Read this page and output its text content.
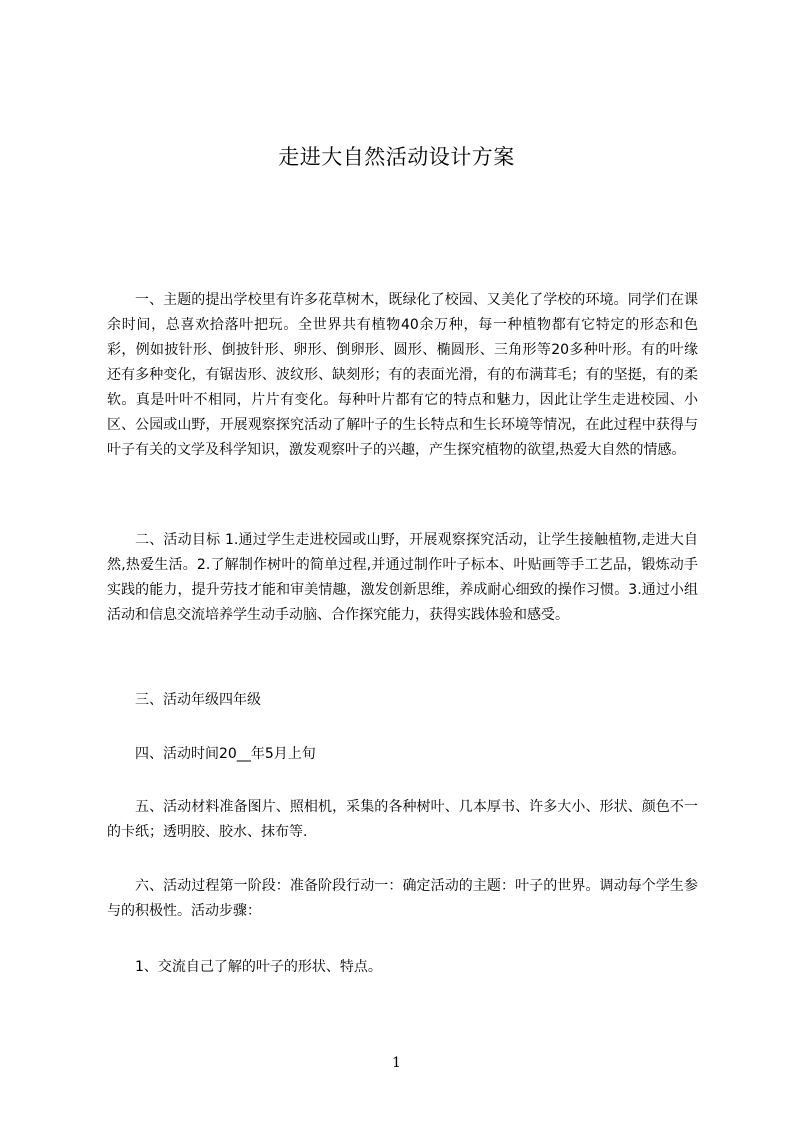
走进大自然活动设计方案

一、主题的提出学校里有许多花草树木，既绿化了校园、又美化了学校的环境。同学们在课余时间，总喜欢拾落叶把玩。全世界共有植物40余万种，每一种植物都有它特定的形态和色彩，例如披针形、倒披针形、卵形、倒卵形、圆形、椭圆形、三角形等20多种叶形。有的叶缘还有多种变化，有锯齿形、波纹形、缺刻形；有的表面光滑，有的布满茸毛；有的坚挺，有的柔软。真是叶叶不相同，片片有变化。每种叶片都有它的特点和魅力，因此让学生走进校园、小区、公园或山野，开展观察探究活动了解叶子的生长特点和生长环境等情况，在此过程中获得与叶子有关的文学及科学知识，激发观察叶子的兴趣，产生探究植物的欲望,热爱大自然的情感。

二、活动目标 1.通过学生走进校园或山野，开展观察探究活动，让学生接触植物,走进大自然,热爱生活。2.了解制作树叶的简单过程,并通过制作叶子标本、叶贴画等手工艺品，锻炼动手实践的能力，提升劳技才能和审美情趣，激发创新思维，养成耐心细致的操作习惯。3.通过小组活动和信息交流培养学生动手动脑、合作探究能力，获得实践体验和感受。

三、活动年级四年级

四、活动时间20__年5月上旬

五、活动材料准备图片、照相机，采集的各种树叶、几本厚书、许多大小、形状、颜色不一的卡纸；透明胶、胶水、抹布等.

六、活动过程第一阶段：准备阶段行动一：确定活动的主题：叶子的世界。调动每个学生参与的积极性。活动步骤：

1、交流自己了解的叶子的形状、特点。

1
